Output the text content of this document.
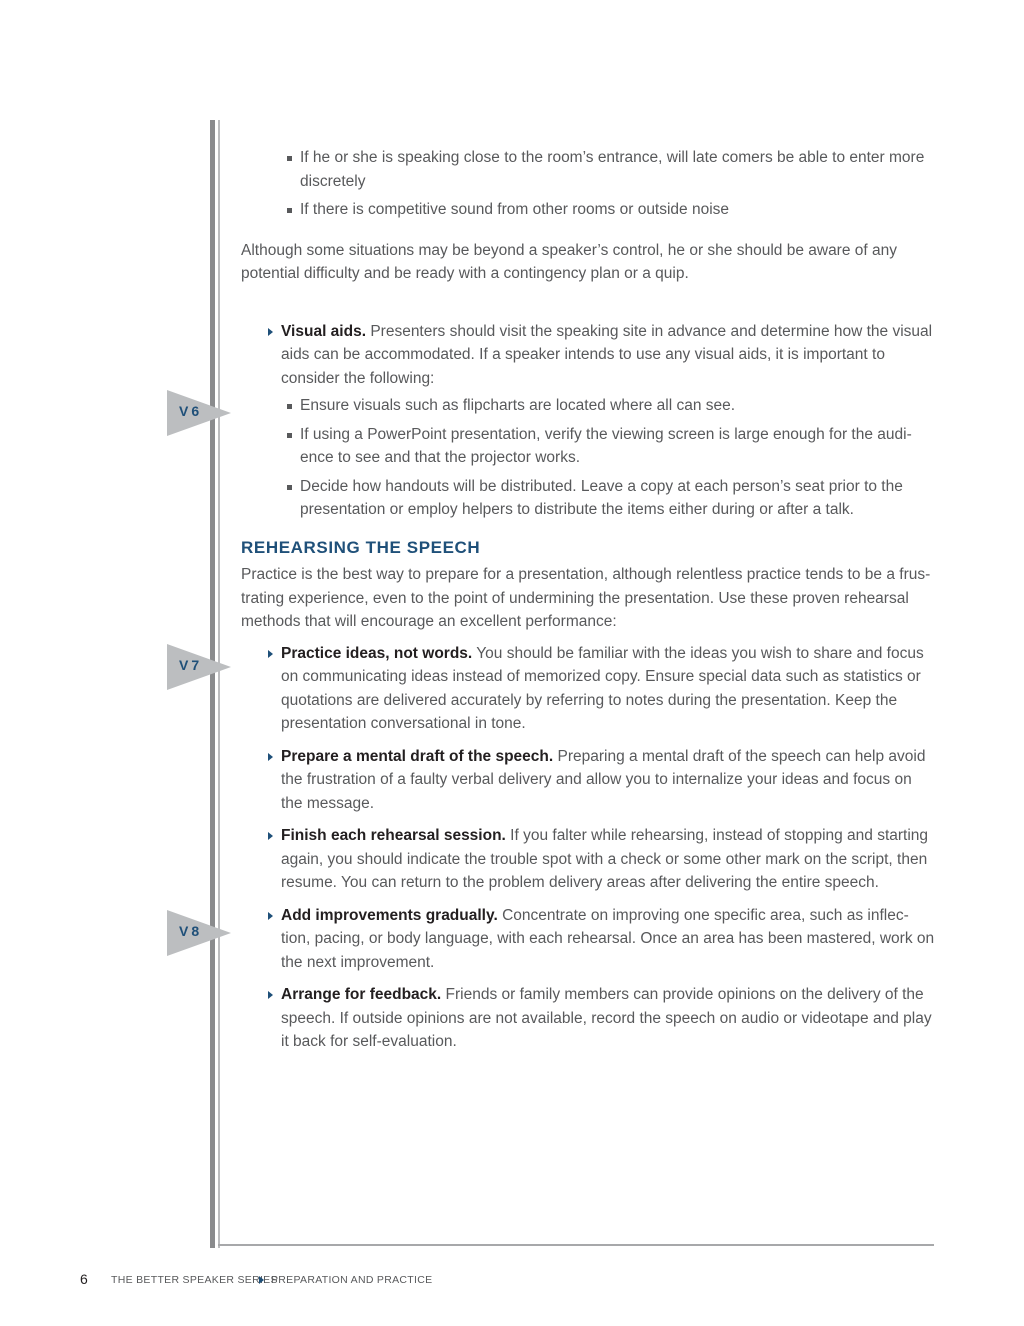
V6
V7
V8
If he or she is speaking close to the room’s entrance, will late comers be able to enter more discretely
If there is competitive sound from other rooms or outside noise

Although some situations may be beyond a speaker’s control, he or she should be aware of any potential difficulty and be ready with a contingency plan or a quip.

Visual aids. Presenters should visit the speaking site in advance and determine how the visual aids can be accommodated. If a speaker intends to use any visual aids, it is important to consider the following:
Ensure visuals such as flipcharts are located where all can see.
If using a PowerPoint presentation, verify the viewing screen is large enough for the audi-ence to see and that the projector works.
Decide how handouts will be distributed. Leave a copy at each person’s seat prior to the presentation or employ helpers to distribute the items either during or after a talk.
REHEARSING THE SPEECH

Practice is the best way to prepare for a presentation, although relentless practice tends to be a frus-trating experience, even to the point of undermining the presentation. Use these proven rehearsal methods that will encourage an excellent performance:

Practice ideas, not words. You should be familiar with the ideas you wish to share and focus on communicating ideas instead of memorized copy. Ensure special data such as statistics or quotations are delivered accurately by referring to notes during the presentation. Keep the presentation conversational in tone.
Prepare a mental draft of the speech. Preparing a mental draft of the speech can help avoid the frustration of a faulty verbal delivery and allow you to internalize your ideas and focus on the message.
Finish each rehearsal session. If you falter while rehearsing, instead of stopping and starting again, you should indicate the trouble spot with a check or some other mark on the script, then resume. You can return to the problem delivery areas after delivering the entire speech.
Add improvements gradually. Concentrate on improving one specific area, such as inflec-tion, pacing, or body language, with each rehearsal. Once an area has been mastered, work on the next improvement.
Arrange for feedback. Friends or family members can provide opinions on the delivery of the speech. If outside opinions are not available, record the speech on audio or videotape and play it back for self-evaluation.
6 THE BETTER SPEAKER SERIES
PREPARATION AND PRACTICE
